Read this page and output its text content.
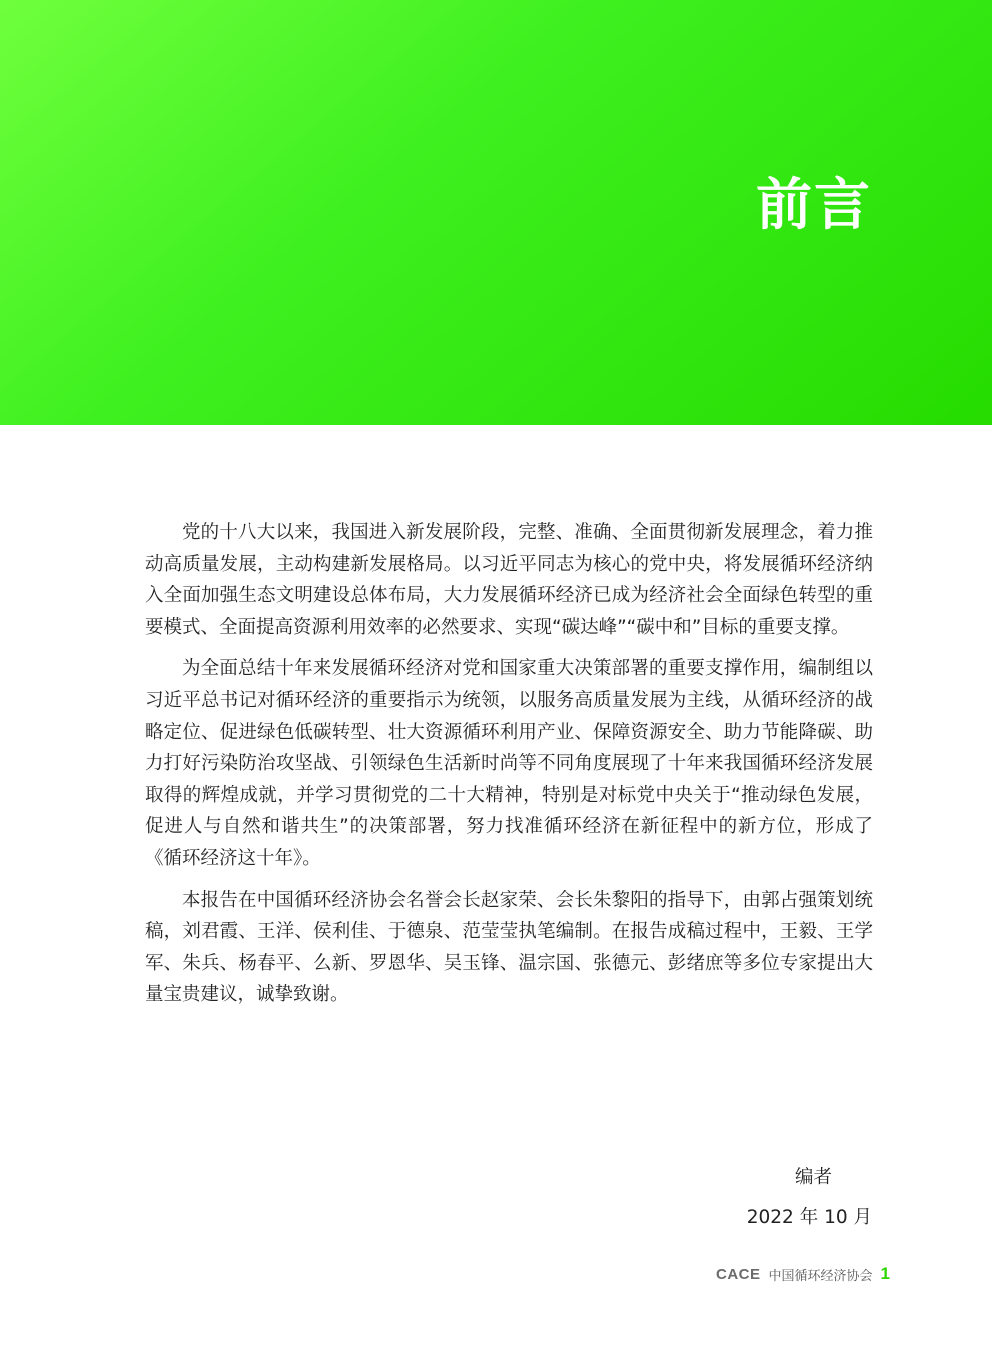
前言

党的十八大以来，我国进入新发展阶段，完整、准确、全面贯彻新发展理念，着力推动高质量发展，主动构建新发展格局。以习近平同志为核心的党中央，将发展循环经济纳入全面加强生态文明建设总体布局，大力发展循环经济已成为经济社会全面绿色转型的重要模式、全面提高资源利用效率的必然要求、实现“碳达峰”“碳中和”目标的重要支撑。

为全面总结十年来发展循环经济对党和国家重大决策部署的重要支撑作用，编制组以习近平总书记对循环经济的重要指示为统领，以服务高质量发展为主线，从循环经济的战略定位、促进绿色低碳转型、壮大资源循环利用产业、保障资源安全、助力节能降碳、助力打好污染防治攻坚战、引领绿色生活新时尚等不同角度展现了十年来我国循环经济发展取得的辉煌成就，并学习贯彻党的二十大精神，特别是对标党中央关于“推动绿色发展，促进人与自然和谐共生”的决策部署，努力找准循环经济在新征程中的新方位，形成了《循环经济这十年》。

本报告在中国循环经济协会名誉会长赵家荣、会长朱黎阳的指导下，由郭占强策划统稿，刘君霞、王洋、侯利佳、于德泉、范莹莹执笔编制。在报告成稿过程中，王毅、王学军、朱兵、杨春平、么新、罗恩华、吴玉锋、温宗国、张德元、彭绪庶等多位专家提出大量宝贵建议，诚挚致谢。

编者
2022 年 10 月
CACE 中国循环经济协会 1
